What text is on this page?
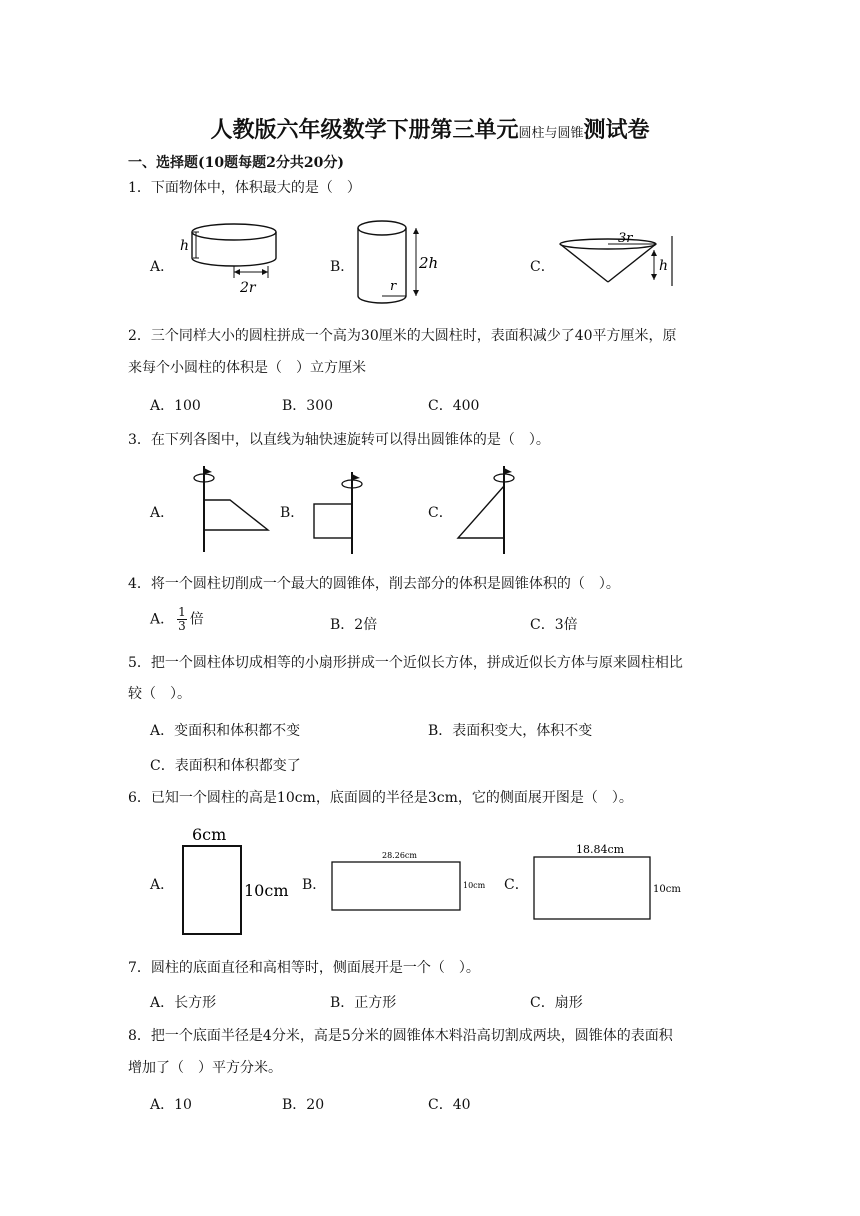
人教版六年级数学下册第三单元圆柱与圆锥测试卷
一、选择题(10题每题2分共20分)
1．下面物体中，体积最大的是（　）
A．	B．	C．
h
2r	r
2h
3r
h
2．三个同样大小的圆柱拼成一个高为30厘米的大圆柱时，表面积减少了40平方厘米，原
来每个小圆柱的体积是（　）立方厘米
A．100	B．300	C．400
3．在下列各图中，以直线为轴快速旋转可以得出圆锥体的是（　）。
A．	B．	C．
4．将一个圆柱切削成一个最大的圆锥体，削去部分的体积是圆锥体积的（　）。
A． $\frac{1}{3}$ 倍	B．2倍	C．3倍
5．把一个圆柱体切成相等的小扇形拼成一个近似长方体，拼成近似长方体与原来圆柱相比
较（　）。
A．变面积和体积都不变	B．表面积变大，体积不变
C．表面积和体积都变了
6．已知一个圆柱的高是10cm，底面圆的半径是3cm，它的侧面展开图是（　）。
A．	B．	C．
6cm
10cm
28.26cm
10cm
18.84cm
10cm
7．圆柱的底面直径和高相等时，侧面展开是一个（　）。
A．长方形	B．正方形	C．扇形
8．把一个底面半径是4分米，高是5分米的圆锥体木料沿高切割成两块，圆锥体的表面积
增加了（　）平方分米。
A．10	B．20	C．40
